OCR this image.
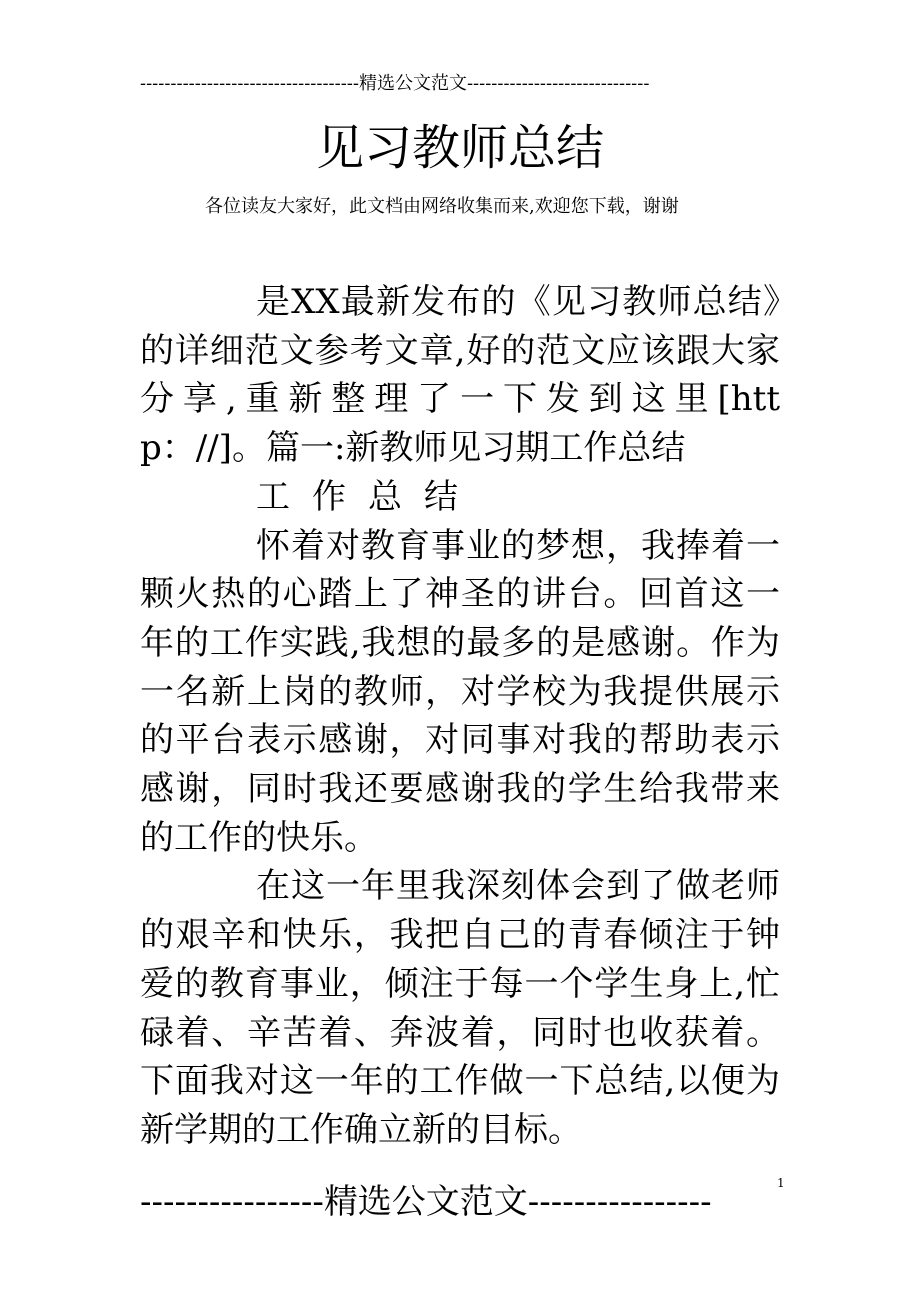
------------------------------------精选公文范文------------------------------
见习教师总结
各位读友大家好，此文档由网络收集而来,欢迎您下载，谢谢

是XX最新发布的《见习教师总结》的详细范文参考文章,好的范文应该跟大家分享,重新整理了一下发到这里[http：//]。篇一:新教师见习期工作总结

工作总结

怀着对教育事业的梦想，我捧着一颗火热的心踏上了神圣的讲台。回首这一年的工作实践,我想的最多的是感谢。作为一名新上岗的教师，对学校为我提供展示的平台表示感谢，对同事对我的帮助表示感谢，同时我还要感谢我的学生给我带来的工作的快乐。

在这一年里我深刻体会到了做老师的艰辛和快乐，我把自己的青春倾注于钟爱的教育事业，倾注于每一个学生身上,忙碌着、辛苦着、奔波着，同时也收获着。下面我对这一年的工作做一下总结,以便为新学期的工作确立新的目标。

1
----------------精选公文范文----------------
